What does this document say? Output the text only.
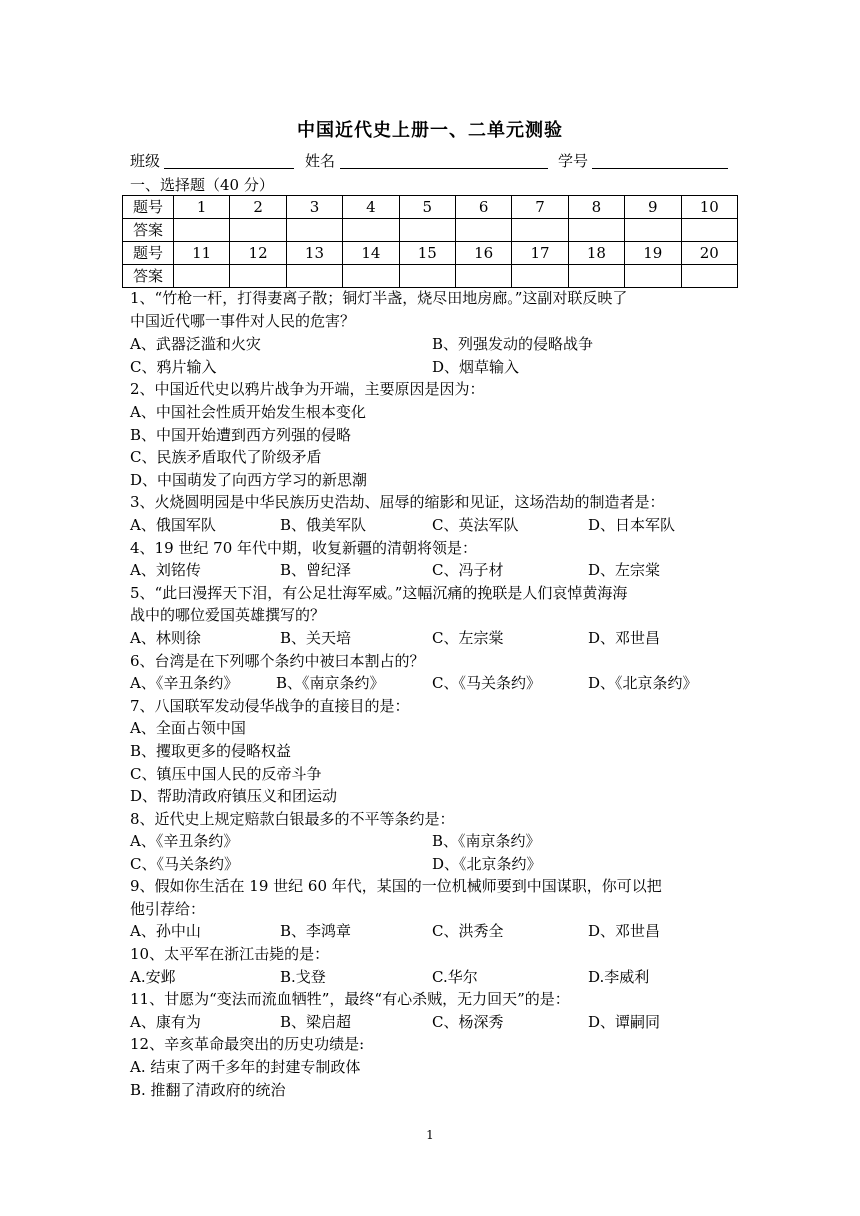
中国近代史上册一、二单元测验
班级	姓名	学号
一、选择题（40 分）
题号	1	2	3	4	5	6	7	8	9	10
答案										
题号	11	12	13	14	15	16	17	18	19	20
答案										
1、“竹枪一杆，打得妻离子散；铜灯半盏，烧尽田地房廊。”这副对联反映了
中国近代哪一事件对人民的危害？
A、武器泛滥和火灾	B、列强发动的侵略战争
C、鸦片输入	D、烟草输入
2、中国近代史以鸦片战争为开端，主要原因是因为：
A、中国社会性质开始发生根本变化
B、中国开始遭到西方列强的侵略
C、民族矛盾取代了阶级矛盾
D、中国萌发了向西方学习的新思潮
3、火烧圆明园是中华民族历史浩劫、屈辱的缩影和见证，这场浩劫的制造者是：
A、俄国军队	B、俄美军队	C、英法军队	D、日本军队
4、19 世纪 70 年代中期，收复新疆的清朝将领是：
A、刘铭传	B、曾纪泽	C、冯子材	D、左宗棠
5、“此曰漫挥天下泪，有公足壮海军威。”这幅沉痛的挽联是人们哀悼黄海海
战中的哪位爱国英雄撰写的？
A、林则徐	B、关天培	C、左宗棠	D、邓世昌
6、台湾是在下列哪个条约中被曰本割占的？
A、《辛丑条约》	B、《南京条约》	C、《马关条约》	D、《北京条约》
7、八国联军发动侵华战争的直接目的是：
A、全面占领中国
B、攫取更多的侵略权益
C、镇压中国人民的反帝斗争
D、帮助清政府镇压义和团运动
8、近代史上规定赔款白银最多的不平等条约是：
A、《辛丑条约》	B、《南京条约》
C、《马关条约》	D、《北京条约》
9、假如你生活在 19 世纪 60 年代，某国的一位机械师要到中国谋职，你可以把
他引荐给：
A、孙中山	B、李鸿章	C、洪秀全	D、邓世昌
10、太平军在浙江击毙的是：
A.安邺	B.戈登	C.华尔	D.李威利
11、甘愿为“变法而流血牺牲”，最终“有心杀贼，无力回天”的是：
A、康有为	B、梁启超	C、杨深秀	D、谭嗣同
12、辛亥革命最突出的历史功绩是:
A. 结束了两千多年的封建专制政体
B. 推翻了清政府的统治
1
